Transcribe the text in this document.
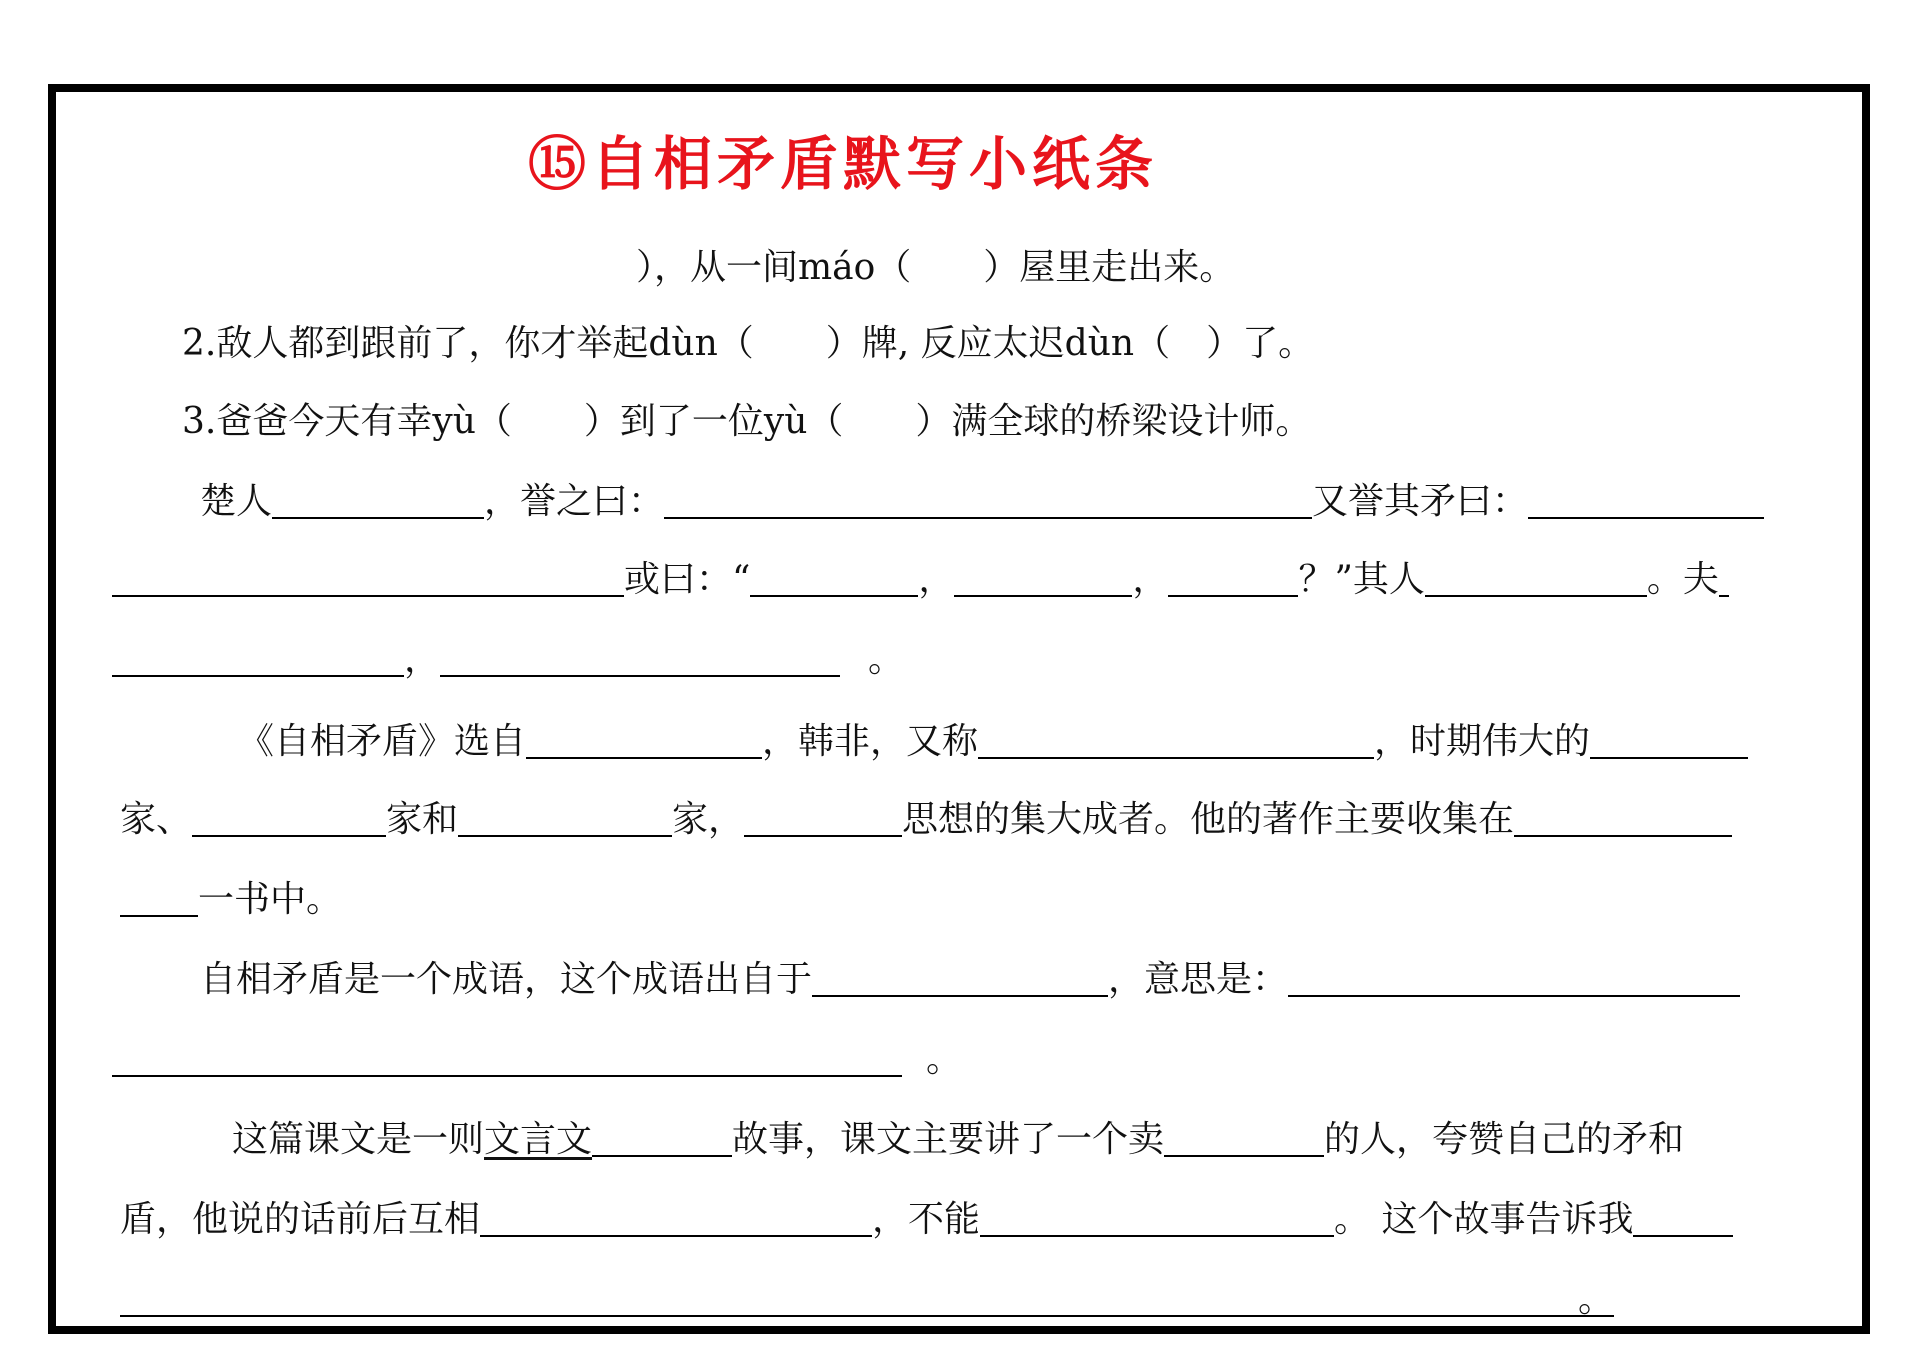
⑮自相矛盾默写小纸条
），从一间máo（　　）屋里走出来。
2.敌人都到跟前了，你才举起dùn（　　）牌, 反应太迟dùn（　）了。
3.爸爸今天有幸yù（　　）到了一位yù（　　）满全球的桥梁设计师。
楚人	，誉之曰：	又誉其矛曰：
或曰：“	，	，	？”其人	。夫
，	。
《自相矛盾》选自	，韩非，又称	，时期伟大的
家、	家和	家，	思想的集大成者。他的著作主要收集在
一书中。
自相矛盾是一个成语，这个成语出自于	，意思是：
。
这篇课文是一则文言文	故事，课文主要讲了一个卖	的人，夸赞自己的矛和
盾，他说的话前后互相	，不能	。 这个故事告诉我
。
